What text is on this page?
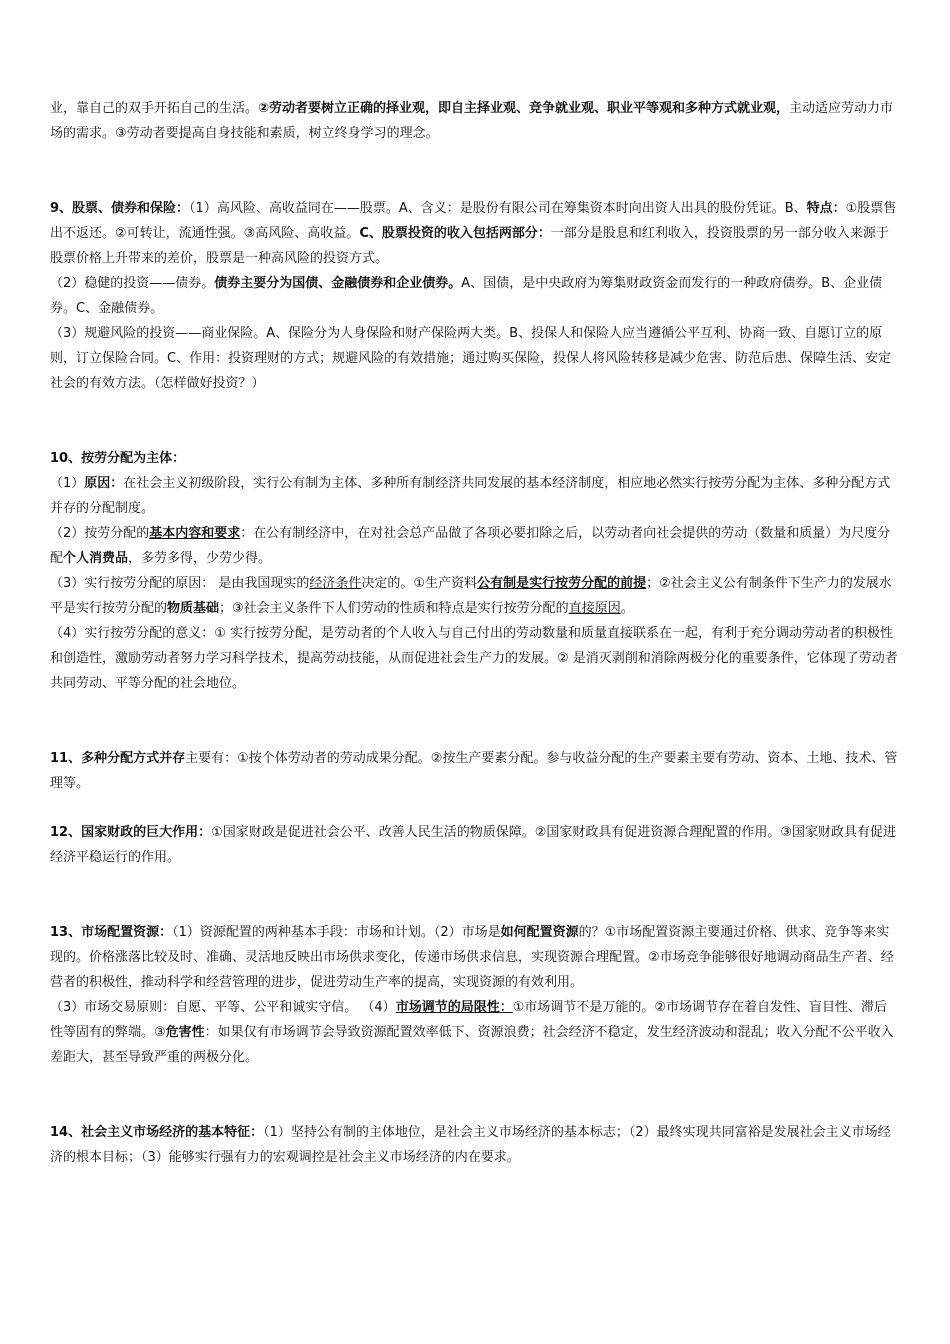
业，靠自己的双手开拓自己的生活。②劳动者要树立正确的择业观，即自主择业观、竞争就业观、职业平等观和多种方式就业观，主动适应劳动力市场的需求。③劳动者要提高自身技能和素质，树立终身学习的理念。

9、股票、债券和保险：（1）高风险、高收益同在——股票。A、含义：是股份有限公司在筹集资本时向出资人出具的股份凭证。B、特点：①股票售出不返还。②可转让，流通性强。③高风险、高收益。C、股票投资的收入包括两部分：一部分是股息和红利收入，投资股票的另一部分收入来源于股票价格上升带来的差价，股票是一种高风险的投资方式。

（2）稳健的投资——债券。债券主要分为国债、金融债券和企业债券。A、国债，是中央政府为筹集财政资金而发行的一种政府债券。B、企业债券。C、金融债券。

（3）规避风险的投资——商业保险。A、保险分为人身保险和财产保险两大类。B、投保人和保险人应当遵循公平互利、协商一致、自愿订立的原则，订立保险合同。C、作用：投资理财的方式；规避风险的有效措施；通过购买保险，投保人将风险转移是减少危害、防范后患、保障生活、安定社会的有效方法。（怎样做好投资？）

10、按劳分配为主体：

（1）原因：在社会主义初级阶段，实行公有制为主体、多种所有制经济共同发展的基本经济制度，相应地必然实行按劳分配为主体、多种分配方式并存的分配制度。

（2）按劳分配的基本内容和要求：在公有制经济中，在对社会总产品做了各项必要扣除之后，以劳动者向社会提供的劳动（数量和质量）为尺度分配个人消费品，多劳多得，少劳少得。

（3）实行按劳分配的原因： 是由我国现实的经济条件决定的。①生产资料公有制是实行按劳分配的前提；②社会主义公有制条件下生产力的发展水平是实行按劳分配的物质基础；③社会主义条件下人们劳动的性质和特点是实行按劳分配的直接原因。

（4）实行按劳分配的意义：① 实行按劳分配，是劳动者的个人收入与自己付出的劳动数量和质量直接联系在一起，有利于充分调动劳动者的积极性和创造性，激励劳动者努力学习科学技术，提高劳动技能，从而促进社会生产力的发展。② 是消灭剥削和消除两极分化的重要条件，它体现了劳动者共同劳动、平等分配的社会地位。

11、多种分配方式并存主要有：①按个体劳动者的劳动成果分配。②按生产要素分配。参与收益分配的生产要素主要有劳动、资本、土地、技术、管理等。

12、国家财政的巨大作用：①国家财政是促进社会公平、改善人民生活的物质保障。②国家财政具有促进资源合理配置的作用。③国家财政具有促进经济平稳运行的作用。

13、市场配置资源：（1）资源配置的两种基本手段：市场和计划。（2）市场是如何配置资源的？①市场配置资源主要通过价格、供求、竞争等来实现的。价格涨落比较及时、准确、灵活地反映出市场供求变化，传递市场供求信息，实现资源合理配置。②市场竞争能够很好地调动商品生产者、经营者的积极性，推动科学和经营管理的进步，促进劳动生产率的提高，实现资源的有效利用。

（3）市场交易原则：自愿、平等、公平和诚实守信。 （4）市场调节的局限性：①市场调节不是万能的。②市场调节存在着自发性、盲目性、滞后性等固有的弊端。③危害性：如果仅有市场调节会导致资源配置效率低下、资源浪费；社会经济不稳定，发生经济波动和混乱；收入分配不公平收入差距大，甚至导致严重的两极分化。

14、社会主义市场经济的基本特征：（1）坚持公有制的主体地位，是社会主义市场经济的基本标志；（2）最终实现共同富裕是发展社会主义市场经济的根本目标；（3）能够实行强有力的宏观调控是社会主义市场经济的内在要求。
